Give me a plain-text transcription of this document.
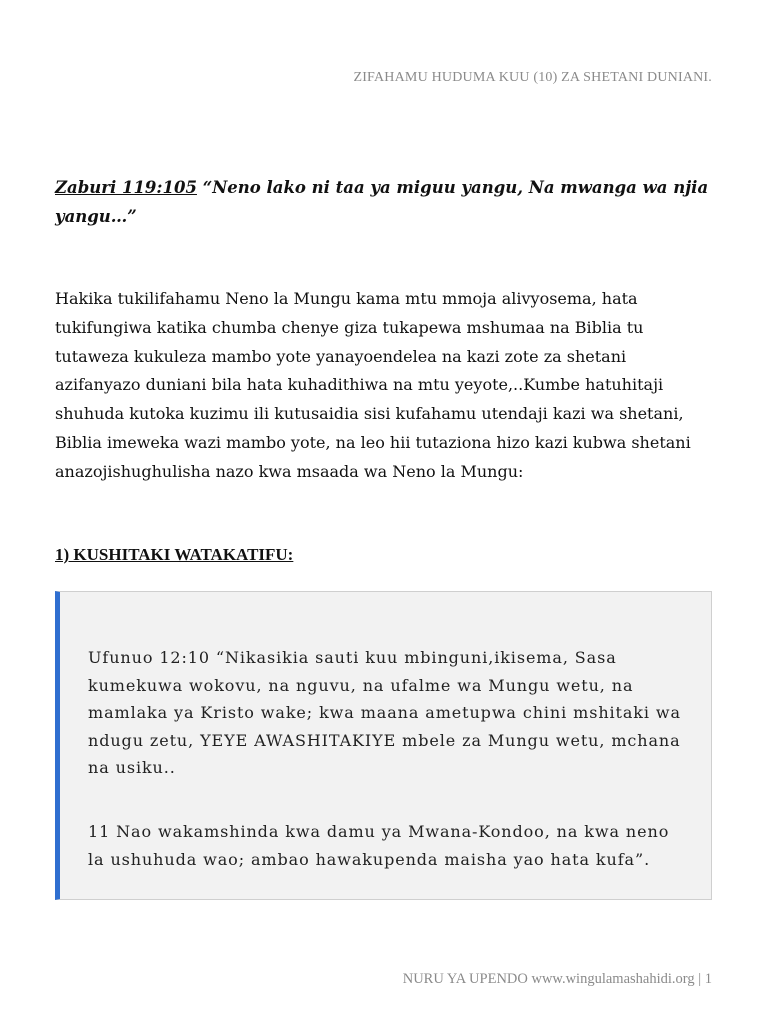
ZIFAHAMU HUDUMA KUU (10) ZA SHETANI DUNIANI.
Zaburi 119:105 “Neno lako ni taa ya miguu yangu, Na mwanga wa njia yangu…”
Hakika tukilifahamu Neno la Mungu kama mtu mmoja alivyosema, hata tukifungiwa katika chumba chenye giza tukapewa mshumaa na Biblia tu tutaweza kukuleza mambo yote yanayoendelea na kazi zote za shetani azifanyazo duniani bila hata kuhadithiwa na mtu yeyote,..Kumbe hatuhitaji shuhuda kutoka kuzimu ili kutusaidia sisi kufahamu utendaji kazi wa shetani, Biblia imeweka wazi mambo yote, na leo hii tutaziona hizo kazi kubwa shetani anazojishughulisha nazo kwa msaada wa Neno la Mungu:
1) KUSHITAKI WATAKATIFU:
Ufunuo 12:10 “Nikasikia sauti kuu mbinguni,ikisema, Sasa kumekuwa wokovu, na nguvu, na ufalme wa Mungu wetu, na mamlaka ya Kristo wake; kwa maana ametupwa chini mshitaki wa ndugu zetu, YEYE AWASHITAKIYE mbele za Mungu wetu, mchana na usiku..
11 Nao wakamshinda kwa damu ya Mwana-Kondoo, na kwa neno la ushuhuda wao; ambao hawakupenda maisha yao hata kufa”.
NURU YA UPENDO www.wingulamashahidi.org | 1
